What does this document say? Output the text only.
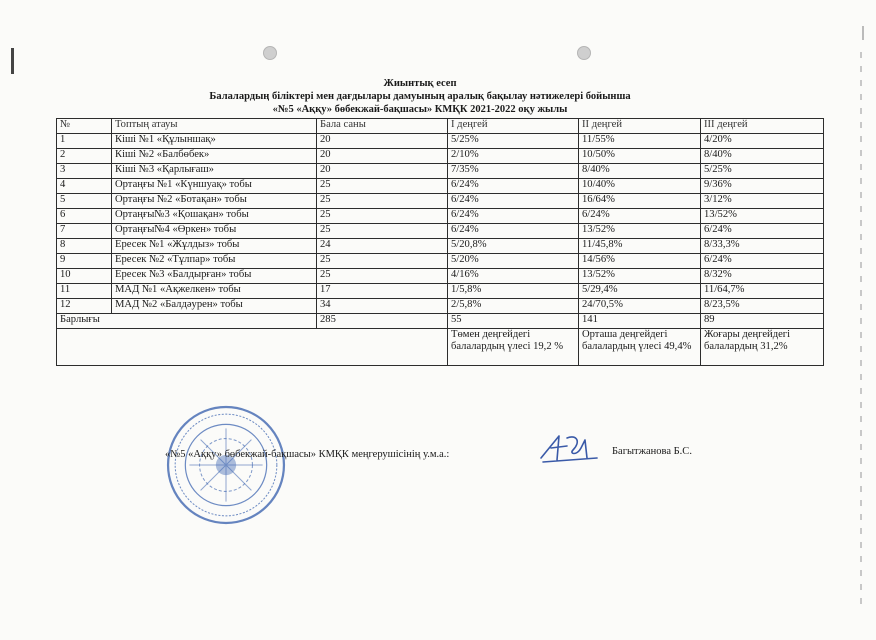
Жиынтық есеп
Балалардың біліктері мен дағдылары дамуының аралық бақылау нәтижелері бойынша
«№5 «Аққу» бөбекжай-бақшасы» КМҚК 2021-2022 оқу жылы
№	Топтың атауы	Бала саны	I деңгей	II деңгей	III деңгей
1	Кіші №1 «Құлыншақ»	20	5/25%	11/55%	4/20%
2	Кіші №2 «Балбөбек»	20	2/10%	10/50%	8/40%
3	Кіші №3 «Қарлығаш»	20	7/35%	8/40%	5/25%
4	Ортаңғы №1 «Күншуақ» тобы	25	6/24%	10/40%	9/36%
5	Ортаңғы №2 «Ботақан» тобы	25	6/24%	16/64%	3/12%
6	Ортаңғы№3 «Қошақан» тобы	25	6/24%	6/24%	13/52%
7	Ортаңғы№4 «Өркен» тобы	25	6/24%	13/52%	6/24%
8	Ересек №1 «Жұлдыз» тобы	24	5/20,8%	11/45,8%	8/33,3%
9	Ересек №2 «Тұлпар» тобы	25	5/20%	14/56%	6/24%
10	Ересек №3 «Балдырған» тобы	25	4/16%	13/52%	8/32%
11	МАД №1 «Ақжелкен» тобы	17	1/5,8%	5/29,4%	11/64,7%
12	МАД №2 «Балдәурен» тобы	34	2/5,8%	24/70,5%	8/23,5%
Барлығы		285	55	141	89
			Төмен деңгейдегі балалардың үлесі 19,2 %	Орташа деңгейдегі балалардың үлесі 49,4%	Жоғары деңгейдегі балалардың 31,2%
«№5 «Аққу» бөбекжай-бақшасы» КМҚК меңгерушісінің у.м.а.:	Багытжанова Б.С.
